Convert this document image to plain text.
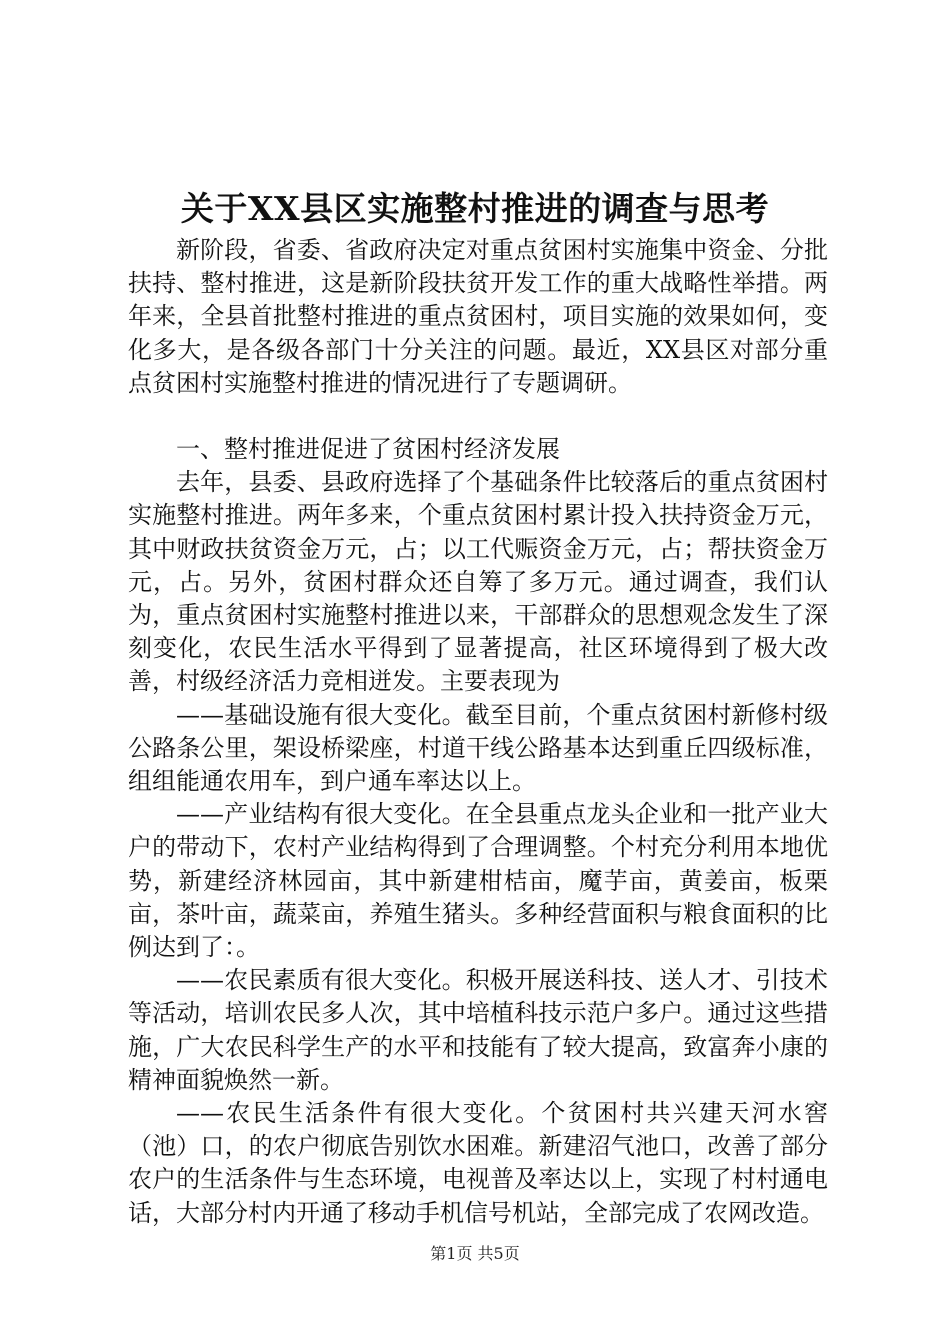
关于XX县区实施整村推进的调查与思考

新阶段，省委、省政府决定对重点贫困村实施集中资金、分批扶持、整村推进，这是新阶段扶贫开发工作的重大战略性举措。两年来，全县首批整村推进的重点贫困村，项目实施的效果如何，变化多大，是各级各部门十分关注的问题。最近，XX县区对部分重点贫困村实施整村推进的情况进行了专题调研。

一、整村推进促进了贫困村经济发展

去年，县委、县政府选择了个基础条件比较落后的重点贫困村实施整村推进。两年多来，个重点贫困村累计投入扶持资金万元，其中财政扶贫资金万元，占；以工代赈资金万元，占；帮扶资金万元，占。另外，贫困村群众还自筹了多万元。通过调查，我们认为，重点贫困村实施整村推进以来，干部群众的思想观念发生了深刻变化，农民生活水平得到了显著提高，社区环境得到了极大改善，村级经济活力竞相迸发。主要表现为

——基础设施有很大变化。截至目前，个重点贫困村新修村级公路条公里，架设桥梁座，村道干线公路基本达到重丘四级标准，组组能通农用车，到户通车率达以上。

——产业结构有很大变化。在全县重点龙头企业和一批产业大户的带动下，农村产业结构得到了合理调整。个村充分利用本地优势，新建经济林园亩，其中新建柑桔亩，魔芋亩，黄姜亩，板栗亩，茶叶亩，蔬菜亩，养殖生猪头。多种经营面积与粮食面积的比例达到了：。

——农民素质有很大变化。积极开展送科技、送人才、引技术等活动，培训农民多人次，其中培植科技示范户多户。通过这些措施，广大农民科学生产的水平和技能有了较大提高，致富奔小康的精神面貌焕然一新。

——农民生活条件有很大变化。个贫困村共兴建天河水窖（池）口，的农户彻底告别饮水困难。新建沼气池口，改善了部分农户的生活条件与生态环境，电视普及率达以上，实现了村村通电话，大部分村内开通了移动手机信号机站，全部完成了农网改造。

第1页 共5页
